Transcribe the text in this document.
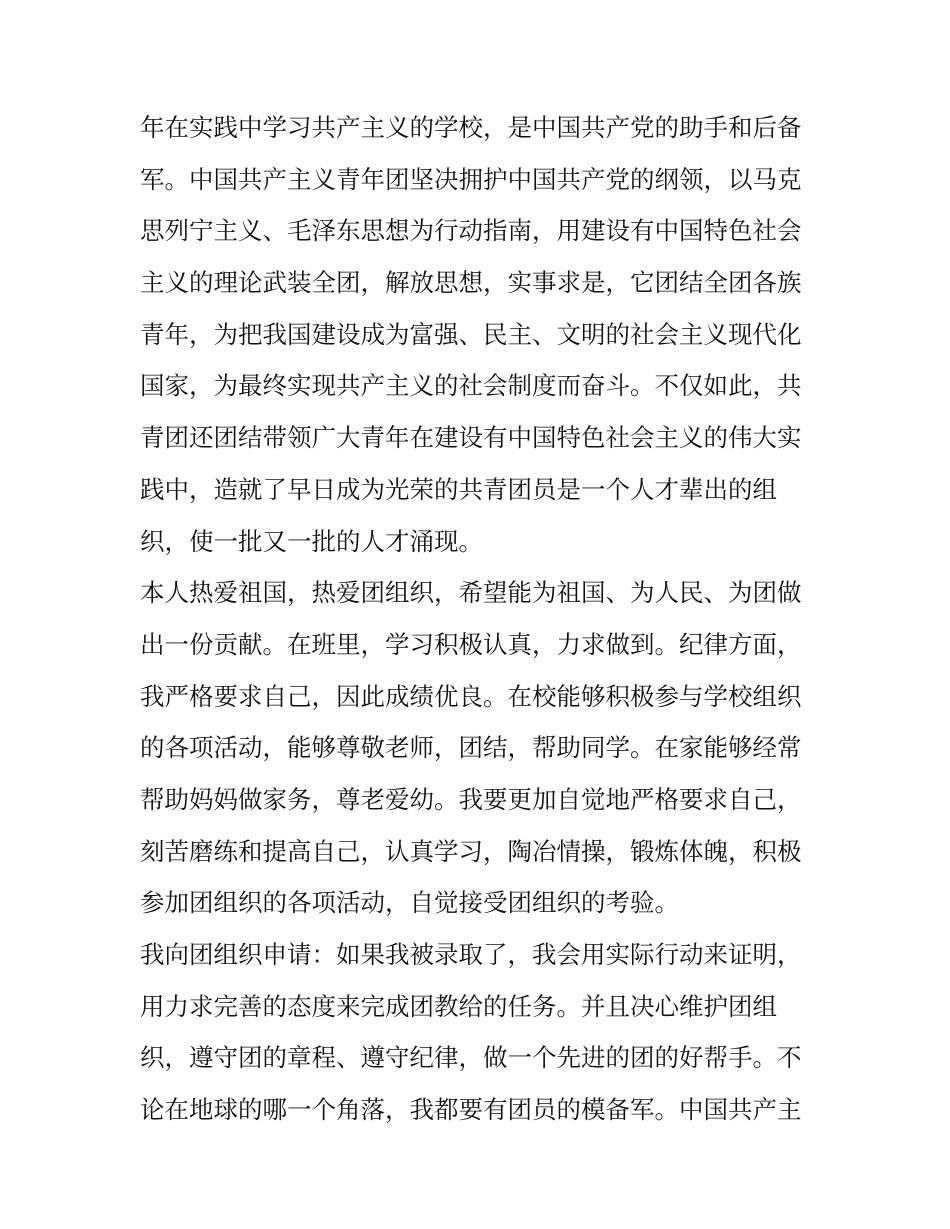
年在实践中学习共产主义的学校，是中国共产党的助手和后备
军。中国共产主义青年团坚决拥护中国共产党的纲领，以马克
思列宁主义、毛泽东思想为行动指南，用建设有中国特色社会
主义的理论武装全团，解放思想，实事求是，它团结全团各族
青年，为把我国建设成为富强、民主、文明的社会主义现代化
国家，为最终实现共产主义的社会制度而奋斗。不仅如此，共
青团还团结带领广大青年在建设有中国特色社会主义的伟大实
践中，造就了早日成为光荣的共青团员是一个人才辈出的组
织，使一批又一批的人才涌现。
本人热爱祖国，热爱团组织，希望能为祖国、为人民、为团做
出一份贡献。在班里，学习积极认真，力求做到。纪律方面，
我严格要求自己，因此成绩优良。在校能够积极参与学校组织
的各项活动，能够尊敬老师，团结，帮助同学。在家能够经常
帮助妈妈做家务，尊老爱幼。我要更加自觉地严格要求自己，
刻苦磨练和提高自己，认真学习，陶冶情操，锻炼体魄，积极
参加团组织的各项活动，自觉接受团组织的考验。
我向团组织申请：如果我被录取了，我会用实际行动来证明，
用力求完善的态度来完成团教给的任务。并且决心维护团组
织，遵守团的章程、遵守纪律，做一个先进的团的好帮手。不
论在地球的哪一个角落，我都要有团员的模备军。中国共产主
